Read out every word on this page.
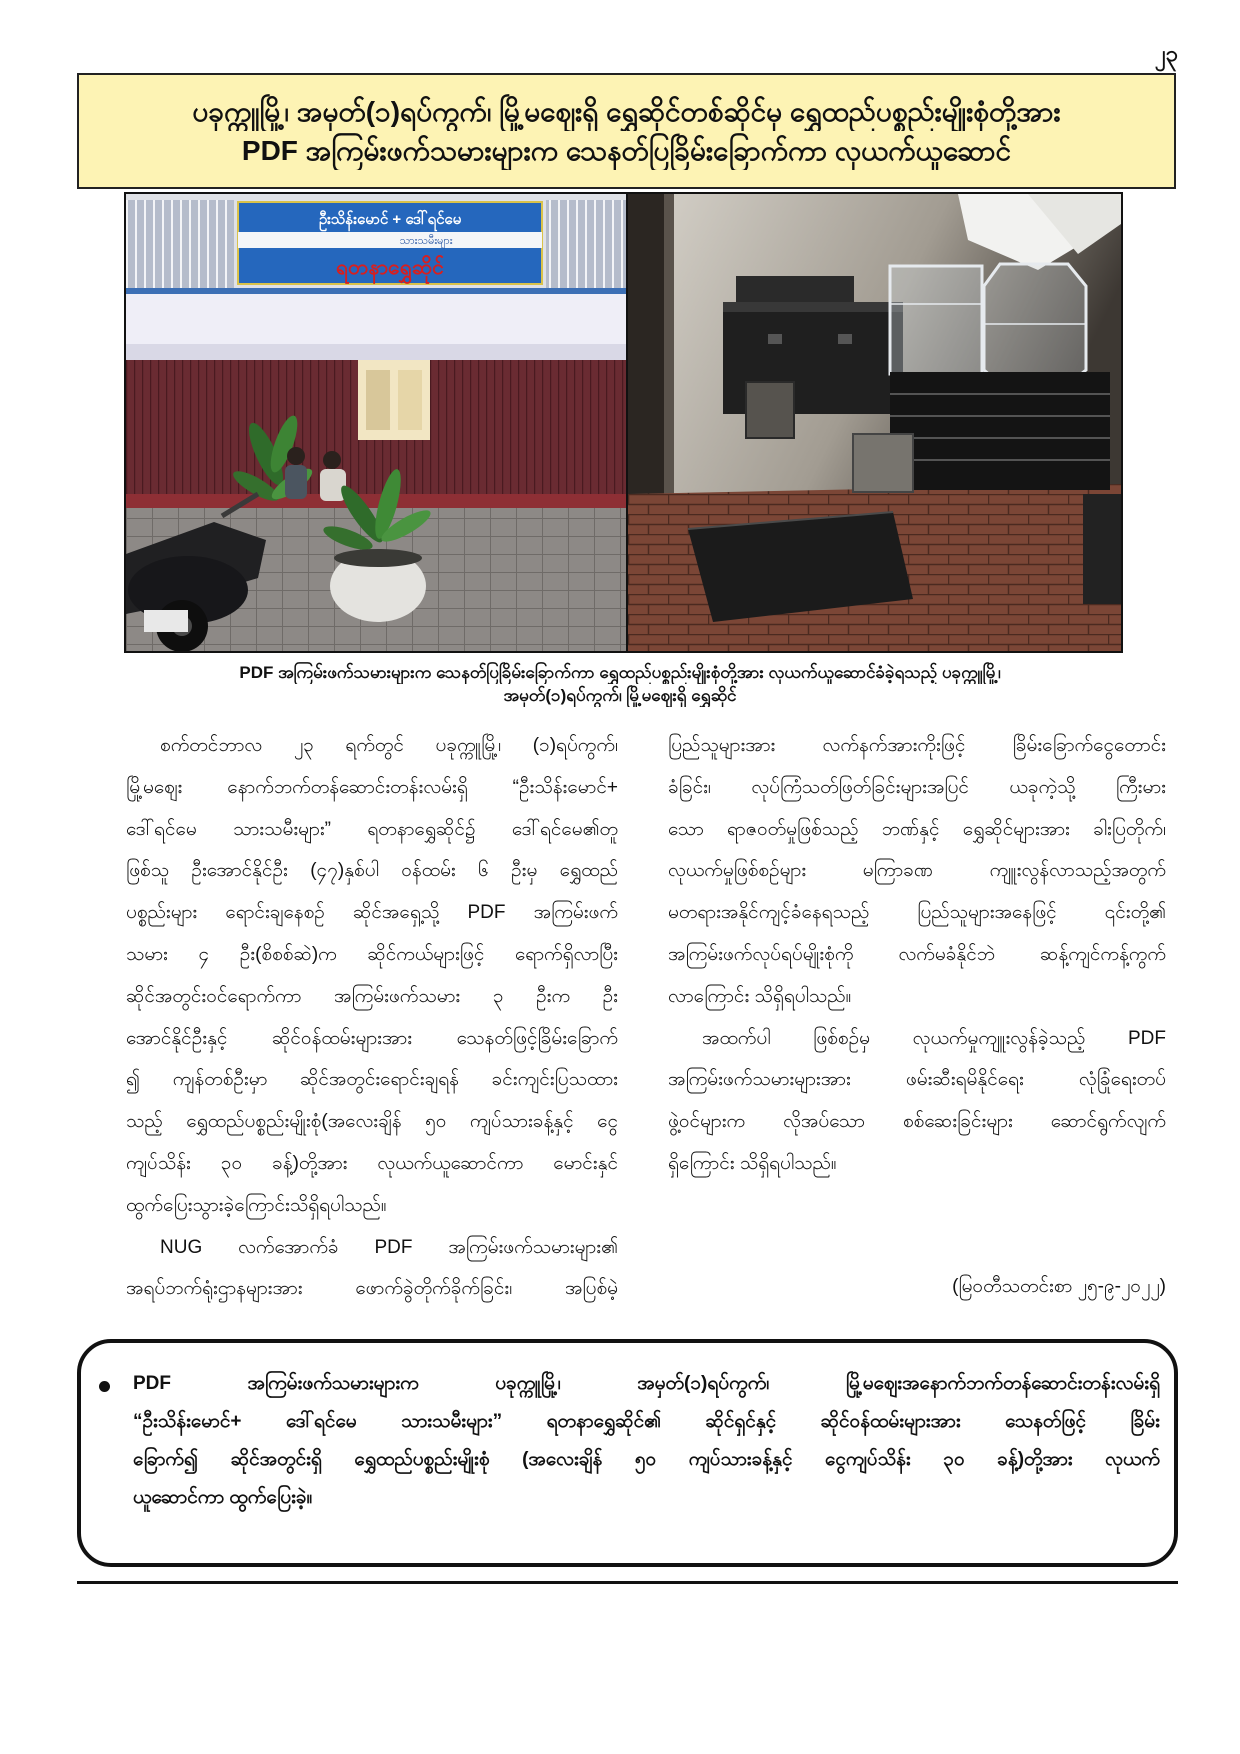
၂၃
ပခုက္ကူမြို့၊ အမှတ်(၁)ရပ်ကွက်၊ မြို့မဈေးရှိ ရွှေဆိုင်တစ်ဆိုင်မှ ရွှေထည်ပစ္စည်းမျိုးစုံတို့အား
PDF အကြမ်းဖက်သမားများက သေနတ်ပြခြိမ်းခြောက်ကာ လုယက်ယူဆောင်
ဦးသိန်းမောင် + ဒေါ်ရင်မေ
သားသမီးများ
ရတနာရွှေဆိုင်
PDF အကြမ်းဖက်သမားများက သေနတ်ပြခြိမ်းခြောက်ကာ ရွှေထည်ပစ္စည်းမျိုးစုံတို့အား လုယက်ယူဆောင်ခံခဲ့ရသည့် ပခုက္ကူမြို့၊
အမှတ်(၁)ရပ်ကွက်၊ မြို့မဈေးရှိ ရွှေဆိုင်
စက်တင်ဘာလ ၂၃ ရက်တွင် ပခုက္ကူမြို့၊ (၁)ရပ်ကွက်၊
မြို့မဈေး နောက်ဘက်တန်ဆောင်းတန်းလမ်းရှိ “ဦးသိန်းမောင်+
ဒေါ်ရင်မေ သားသမီးများ” ရတနာရွှေဆိုင်၌ ဒေါ်ရင်မေ၏တူ
ဖြစ်သူ ဦးအောင်နိုင်ဦး (၄၇)နှစ်ပါ ဝန်ထမ်း ၆ ဦးမှ ရွှေထည်
ပစ္စည်းများ ရောင်းချနေစဉ် ဆိုင်အရှေ့သို့ PDF အကြမ်းဖက်
သမား ၄ ဦး(စိစစ်ဆဲ)က ဆိုင်ကယ်များဖြင့် ရောက်ရှိလာပြီး
ဆိုင်အတွင်းဝင်ရောက်ကာ အကြမ်းဖက်သမား ၃ ဦးက ဦး
အောင်နိုင်ဦးနှင့် ဆိုင်ဝန်ထမ်းများအား သေနတ်ဖြင့်ခြိမ်းခြောက်
၍ ကျန်တစ်ဦးမှာ ဆိုင်အတွင်းရောင်းချရန် ခင်းကျင်းပြသထား
သည့် ရွှေထည်ပစ္စည်းမျိုးစုံ(အလေးချိန် ၅၀ ကျပ်သားခန့်နှင့် ငွေ
ကျပ်သိန်း ၃၀ ခန့်)တို့အား လုယက်ယူဆောင်ကာ မောင်းနှင်
ထွက်ပြေးသွားခဲ့ကြောင်းသိရှိရပါသည်။
NUG လက်အောက်ခံ PDF အကြမ်းဖက်သမားများ၏
အရပ်ဘက်ရုံးဌာနများအား ဖောက်ခွဲတိုက်ခိုက်ခြင်း၊ အပြစ်မဲ့
ပြည်သူများအား လက်နက်အားကိုးဖြင့် ခြိမ်းခြောက်ငွေတောင်း
ခံခြင်း၊ လုပ်ကြံသတ်ဖြတ်ခြင်းများအပြင် ယခုကဲ့သို့ ကြီးမား
သော ရာဇဝတ်မှုဖြစ်သည့် ဘဏ်နှင့် ရွှေဆိုင်များအား ခါးပြတိုက်၊
လုယက်မှုဖြစ်စဉ်များ မကြာခဏ ကျူးလွန်လာသည့်အတွက်
မတရားအနိုင်ကျင့်ခံနေရသည့် ပြည်သူများအနေဖြင့် ၎င်းတို့၏
အကြမ်းဖက်လုပ်ရပ်မျိုးစုံကို လက်မခံနိုင်ဘဲ ဆန့်ကျင်ကန့်ကွက်
လာကြောင်း သိရှိရပါသည်။
အထက်ပါ ဖြစ်စဉ်မှ လုယက်မှုကျူးလွန်ခဲ့သည့် PDF
အကြမ်းဖက်သမားများအား ဖမ်းဆီးရမိနိုင်ရေး လုံခြုံရေးတပ်
ဖွဲ့ဝင်များက လိုအပ်သော စစ်ဆေးခြင်းများ ဆောင်ရွက်လျက်
ရှိကြောင်း သိရှိရပါသည်။
(မြဝတီသတင်းစာ ၂၅-၉-၂၀၂၂)
PDF အကြမ်းဖက်သမားများက ပခုက္ကူမြို့၊ အမှတ်(၁)ရပ်ကွက်၊ မြို့မဈေးအနောက်ဘက်တန်ဆောင်းတန်းလမ်းရှိ
“ဦးသိန်းမောင်+ ဒေါ်ရင်မေ သားသမီးများ” ရတနာရွှေဆိုင်၏ ဆိုင်ရှင်နှင့် ဆိုင်ဝန်ထမ်းများအား သေနတ်ဖြင့် ခြိမ်း
ခြောက်၍ ဆိုင်အတွင်းရှိ ရွှေထည်ပစ္စည်းမျိုးစုံ (အလေးချိန် ၅၀ ကျပ်သားခန့်နှင့် ငွေကျပ်သိန်း ၃၀ ခန့်)တို့အား လုယက်
ယူဆောင်ကာ ထွက်ပြေးခဲ့။
